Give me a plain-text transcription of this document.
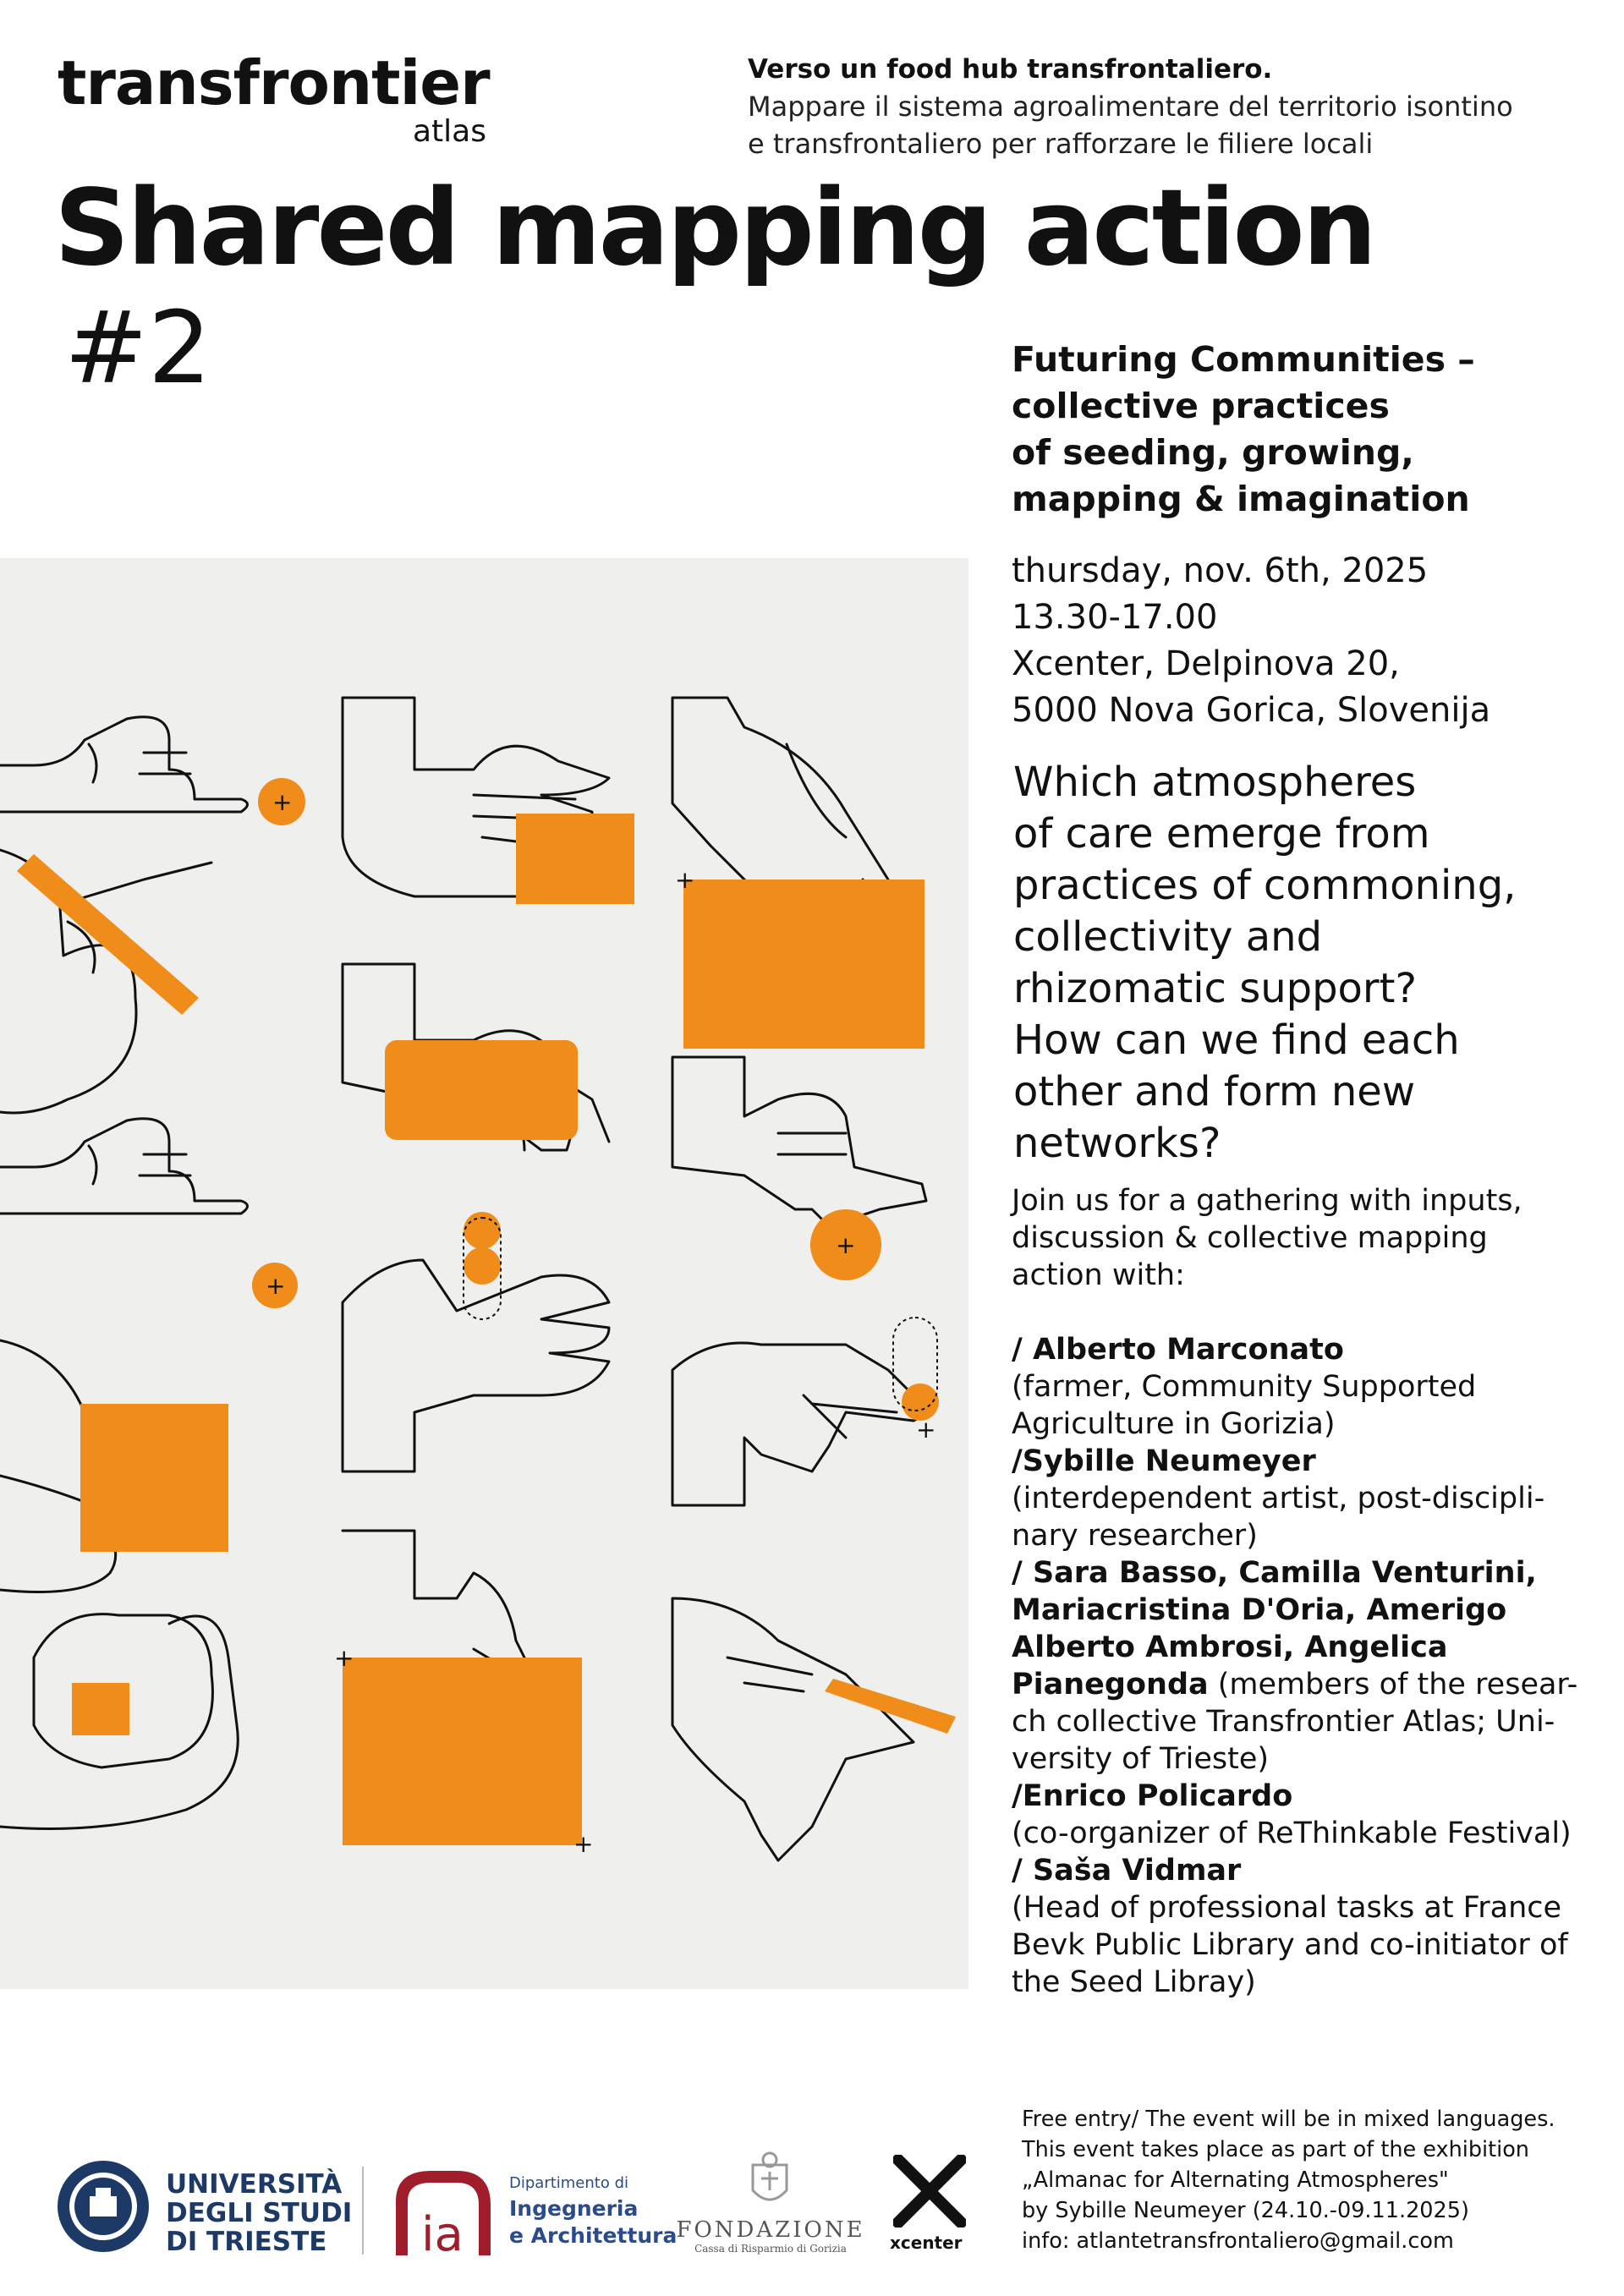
transfrontier
atlas
Verso un food hub transfrontaliero.
Mappare il sistema agroalimentare del territorio isontino
e transfrontaliero per rafforzare le filiere locali
Shared mapping action
#2	Futuring Communities –
collective practices
of seeding, growing,
mapping & imagination
thursday, nov. 6th, 2025
13.30-17.00
Xcenter, Delpinova 20,
5000 Nova Gorica, Slovenija
Which atmospheres
of care emerge from
practices of commoning,
collectivity and
rhizomatic support?
How can we find each
other and form new
networks?
Join us for a gathering with inputs,
discussion & collective mapping
action with:
/ Alberto Marconato
(farmer, Community Supported
Agriculture in Gorizia)
/Sybille Neumeyer
(interdependent artist, post-discipli-
nary researcher)
/ Sara Basso, Camilla Venturini,
Mariacristina D'Oria, Amerigo
Alberto Ambrosi, Angelica
Pianegonda (members of the resear-
ch collective Transfrontier Atlas; Uni-
versity of Trieste)
/Enrico Policardo
(co-organizer of ReThinkable Festival)
/ Saša Vidmar
(Head of professional tasks at France
Bevk Public Library and co-initiator of
the Seed Libray)
+
+
+
+
+
+
+
Free entry/ The event will be in mixed languages.
This event takes place as part of the exhibition
„Almanac for Alternating Atmospheres"
by Sybille Neumeyer (24.10.-09.11.2025)
info: atlantetransfrontaliero@gmail.com
UNIVERSITÀ
DEGLI STUDI
DI TRIESTE	ia
Dipartimento di
Ingegneria
e Architettura FONDAZIONE
Cassa di Risparmio di Gorizia	xcenter
